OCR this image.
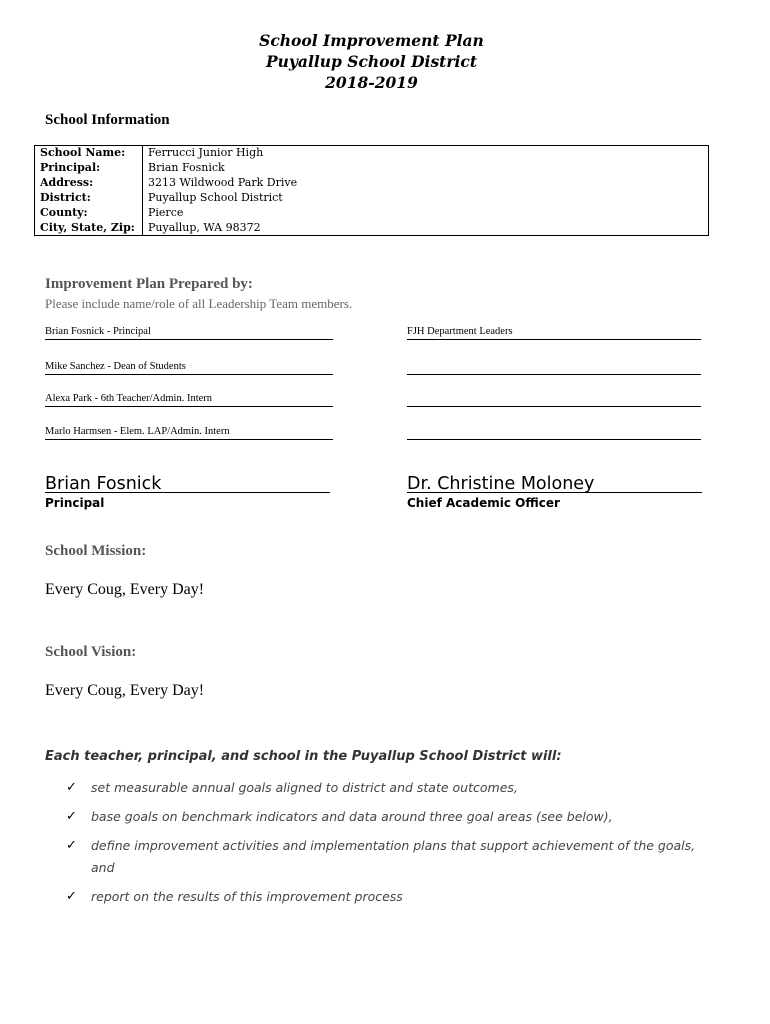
School Improvement Plan
Puyallup School District
2018-2019
School Information
School Name:	Ferrucci Junior High
Principal:	Brian Fosnick
Address:	3213 Wildwood Park Drive
District:	Puyallup School District
County:	Pierce
City, State, Zip:	Puyallup, WA 98372
Improvement Plan Prepared by:
Please include name/role of all Leadership Team members.
Brian Fosnick - Principal
Mike Sanchez - Dean of Students
Alexa Park - 6th Teacher/Admin. Intern
Marlo Harmsen - Elem. LAP/Admin. Intern
FJH Department Leaders
Brian Fosnick
Principal
Dr. Christine Moloney
Chief Academic Officer
School Mission:
Every Coug, Every Day!
School Vision:
Every Coug, Every Day!
Each teacher, principal, and school in the Puyallup School District will:
✓ set measurable annual goals aligned to district and state outcomes,
✓ base goals on benchmark indicators and data around three goal areas (see below),
✓ define improvement activities and implementation plans that support achievement of the goals, and
✓ report on the results of this improvement process
